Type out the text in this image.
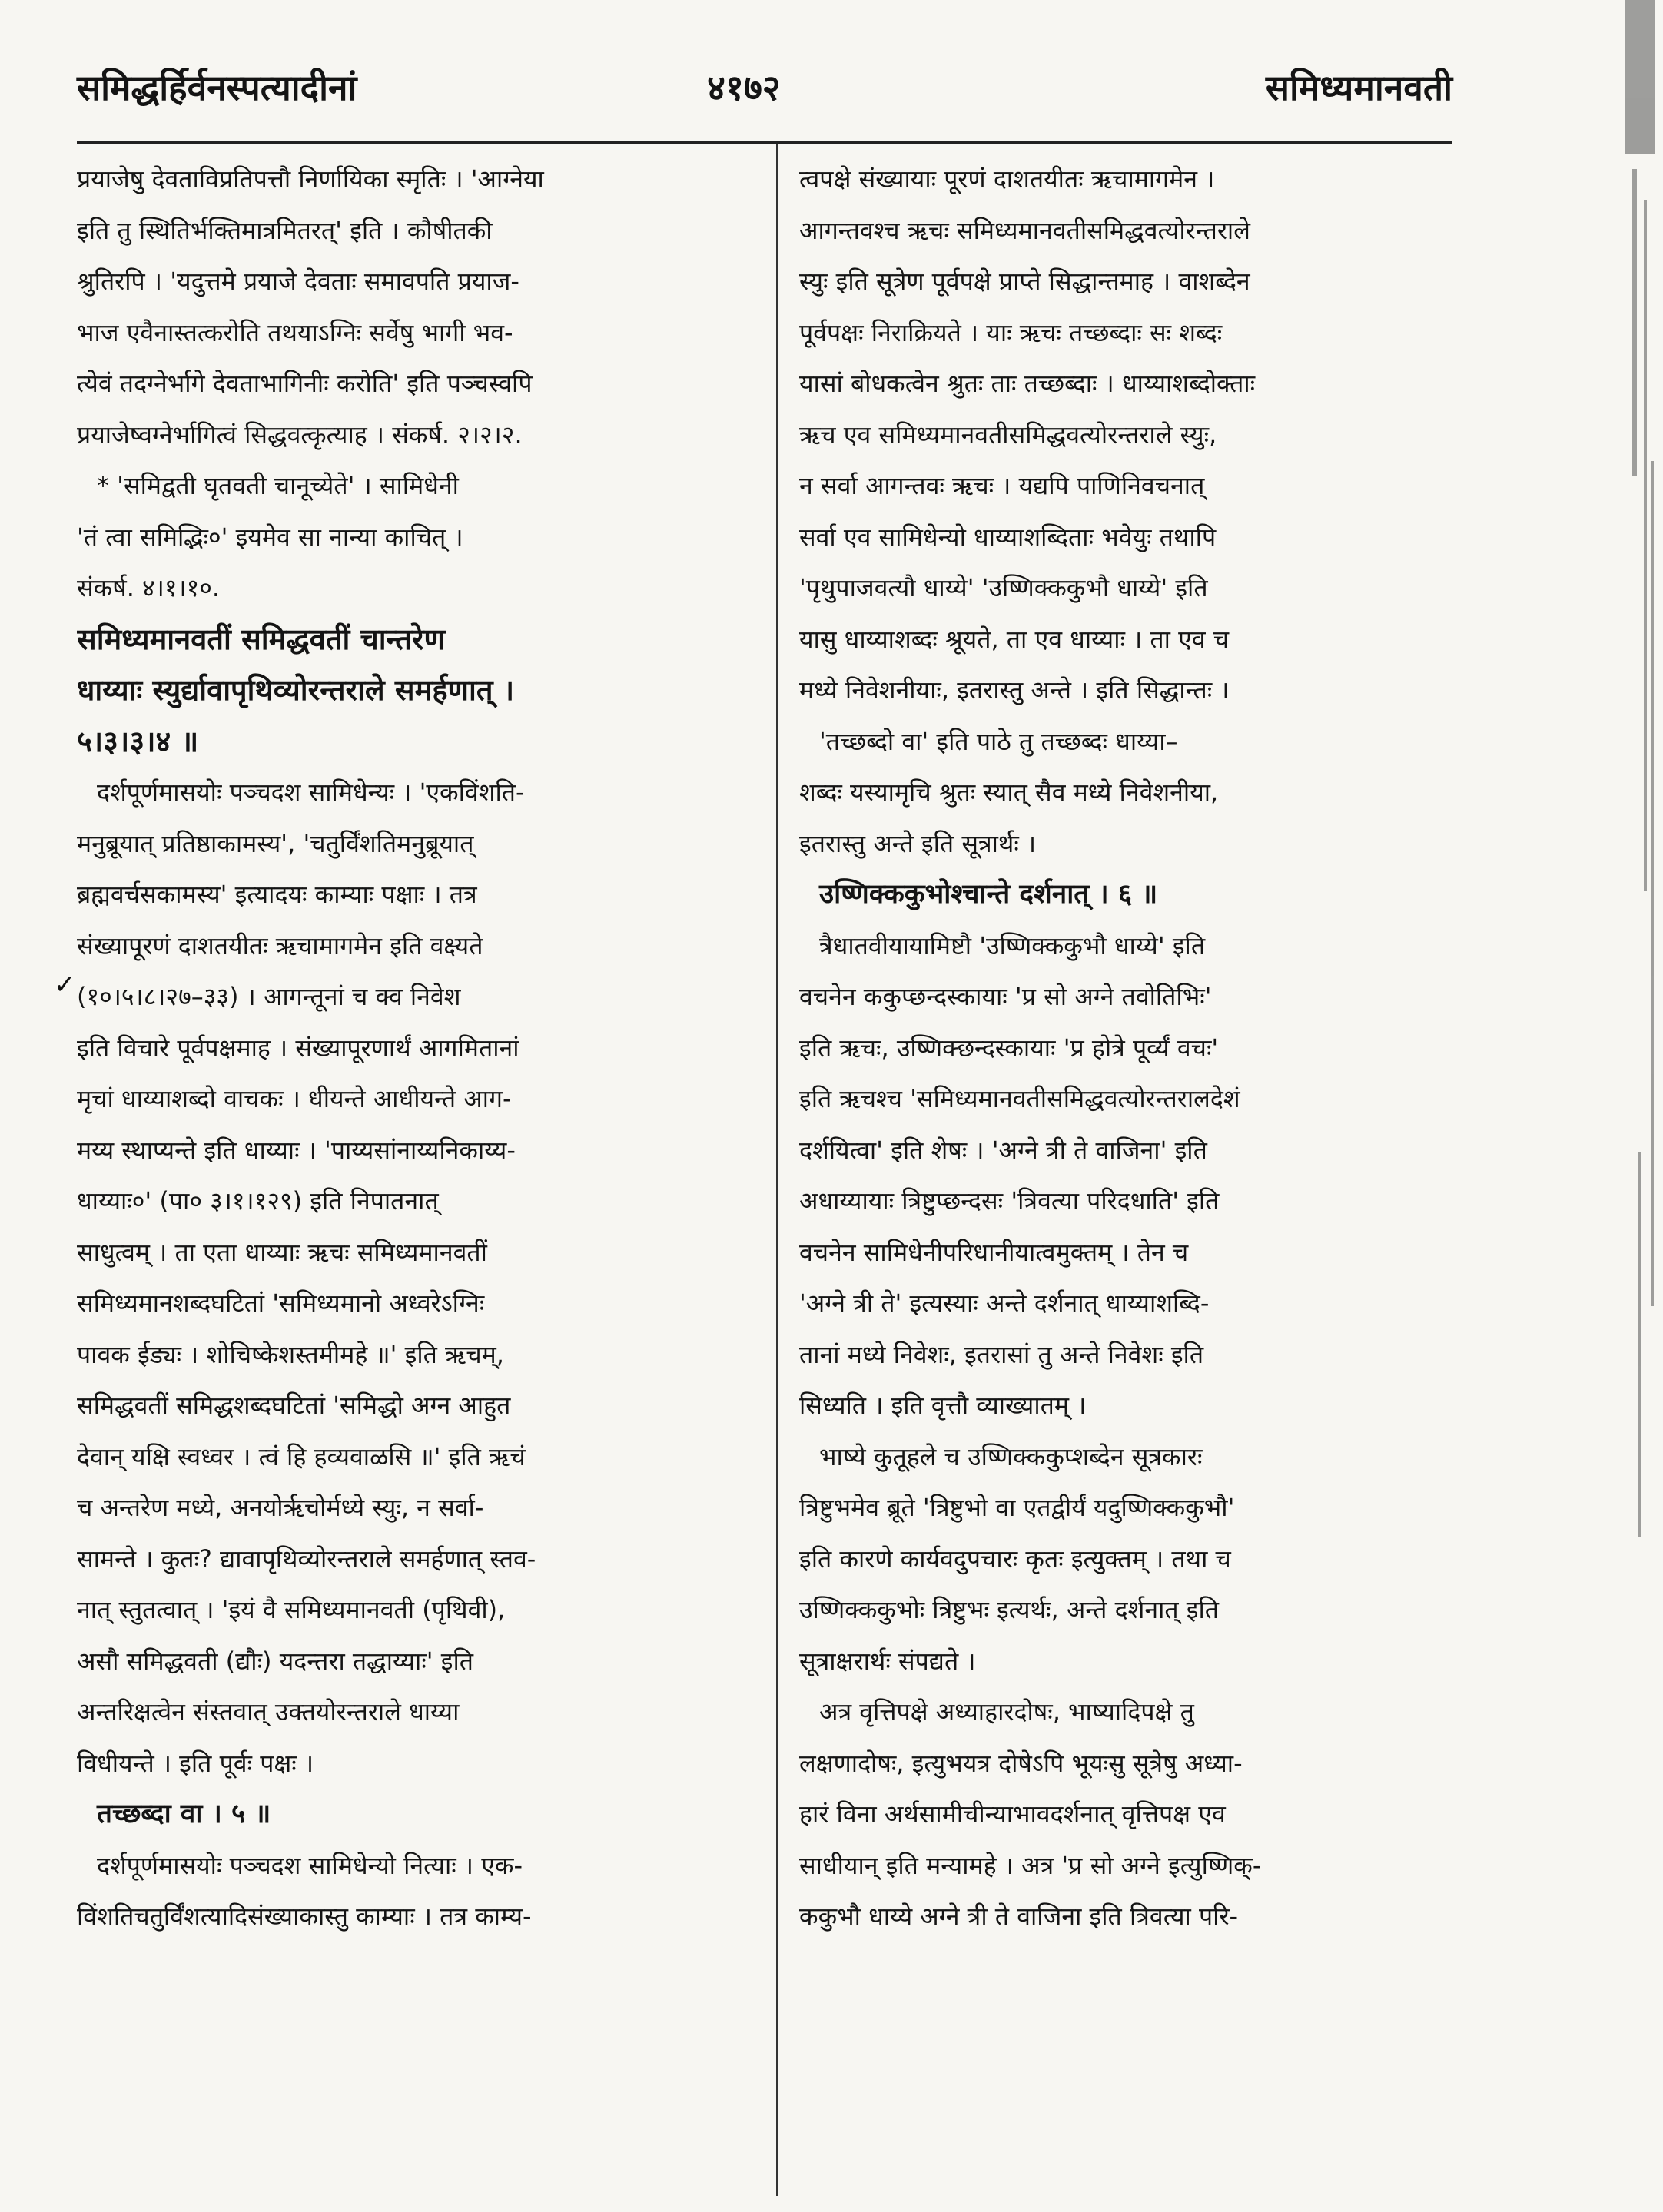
समिद्धर्हिर्वनस्पत्यादीनां	४१७२	समिध्यमानवती
✓
प्रयाजेषु देवताविप्रतिपत्तौ निर्णायिका स्मृतिः । 'आग्नेया
इति तु स्थितिर्भक्तिमात्रमितरत्' इति । कौषीतकी
श्रुतिरपि । 'यदुत्तमे प्रयाजे देवताः समावपति प्रयाज-
भाज एवैनास्तत्करोति तथयाऽग्निः सर्वेषु भागी भव-
त्येवं तदग्नेर्भागे देवताभागिनीः करोति' इति पञ्चस्वपि
प्रयाजेष्वग्नेर्भागित्वं सिद्धवत्कृत्याह । संकर्ष. २।२।२.
* 'समिद्वती घृतवती चानूच्येते' । सामिधेनी
'तं त्वा समिद्भिः०' इयमेव सा नान्या काचित् ।
संकर्ष. ४।१।१०.
समिध्यमानवतीं समिद्धवतीं चान्तरेण
धाय्याः स्युर्द्यावापृथिव्योरन्तराले समर्हणात् ।
५।३।३।४ ॥
दर्शपूर्णमासयोः पञ्चदश सामिधेन्यः । 'एकविंशति-
मनुब्रूयात् प्रतिष्ठाकामस्य', 'चतुर्विंशतिमनुब्रूयात्
ब्रह्मवर्चसकामस्य' इत्यादयः काम्याः पक्षाः । तत्र
संख्यापूरणं दाशतयीतः ऋचामागमेन इति वक्ष्यते
(१०।५।८।२७–३३) । आगन्तूनां च क्व निवेश
इति विचारे पूर्वपक्षमाह । संख्यापूरणार्थं आगमितानां
मृचां धाय्याशब्दो वाचकः । धीयन्ते आधीयन्ते आग-
मय्य स्थाप्यन्ते इति धाय्याः । 'पाय्यसांनाय्यनिकाय्य-
धाय्याः०' (पा० ३।१।१२९) इति निपातनात्
साधुत्वम् । ता एता धाय्याः ऋचः समिध्यमानवतीं
समिध्यमानशब्दघटितां 'समिध्यमानो अध्वरेऽग्निः
पावक ईड्यः । शोचिष्केशस्तमीमहे ॥' इति ऋचम्,
समिद्धवतीं समिद्धशब्दघटितां 'समिद्धो अग्न आहुत
देवान् यक्षि स्वध्वर । त्वं हि हव्यवाळसि ॥' इति ऋचं
च अन्तरेण मध्ये, अनयोर्ऋचोर्मध्ये स्युः, न सर्वा-
सामन्ते । कुतः? द्यावापृथिव्योरन्तराले समर्हणात् स्तव-
नात् स्तुतत्वात् । 'इयं वै समिध्यमानवती (पृथिवी),
असौ समिद्धवती (द्यौः) यदन्तरा तद्धाय्याः' इति
अन्तरिक्षत्वेन संस्तवात् उक्तयोरन्तराले धाय्या
विधीयन्ते । इति पूर्वः पक्षः ।
तच्छब्दा वा । ५ ॥
दर्शपूर्णमासयोः पञ्चदश सामिधेन्यो नित्याः । एक-
विंशतिचतुर्विंशत्यादिसंख्याकास्तु काम्याः । तत्र काम्य-
त्वपक्षे संख्यायाः पूरणं दाशतयीतः ऋचामागमेन ।
आगन्तवश्च ऋचः समिध्यमानवतीसमिद्धवत्योरन्तराले
स्युः इति सूत्रेण पूर्वपक्षे प्राप्ते सिद्धान्तमाह । वाशब्देन
पूर्वपक्षः निराक्रियते । याः ऋचः तच्छब्दाः सः शब्दः
यासां बोधकत्वेन श्रुतः ताः तच्छब्दाः । धाय्याशब्दोक्ताः
ऋच एव समिध्यमानवतीसमिद्धवत्योरन्तराले स्युः,
न सर्वा आगन्तवः ऋचः । यद्यपि पाणिनिवचनात्
सर्वा एव सामिधेन्यो धाय्याशब्दिताः भवेयुः तथापि
'पृथुपाजवत्यौ धाय्ये' 'उष्णिक्ककुभौ धाय्ये' इति
यासु धाय्याशब्दः श्रूयते, ता एव धाय्याः । ता एव च
मध्ये निवेशनीयाः, इतरास्तु अन्ते । इति सिद्धान्तः ।
'तच्छब्दो वा' इति पाठे तु तच्छब्दः धाय्या–
शब्दः यस्यामृचि श्रुतः स्यात् सैव मध्ये निवेशनीया,
इतरास्तु अन्ते इति सूत्रार्थः ।
उष्णिक्ककुभोश्चान्ते दर्शनात् । ६ ॥
त्रैधातवीयायामिष्टौ 'उष्णिक्ककुभौ धाय्ये' इति
वचनेन ककुप्छन्दस्कायाः 'प्र सो अग्ने तवोतिभिः'
इति ऋचः, उष्णिक्छन्दस्कायाः 'प्र होत्रे पूर्व्यं वचः'
इति ऋचश्च 'समिध्यमानवतीसमिद्धवत्योरन्तरालदेशं
दर्शयित्वा' इति शेषः । 'अग्ने त्री ते वाजिना' इति
अधाय्यायाः त्रिष्टुप्छन्दसः 'त्रिवत्या परिदधाति' इति
वचनेन सामिधेनीपरिधानीयात्वमुक्तम् । तेन च
'अग्ने त्री ते' इत्यस्याः अन्ते दर्शनात् धाय्याशब्दि-
तानां मध्ये निवेशः, इतरासां तु अन्ते निवेशः इति
सिध्यति । इति वृत्तौ व्याख्यातम् ।
भाष्ये कुतूहले च उष्णिक्ककुप्शब्देन सूत्रकारः
त्रिष्टुभमेव ब्रूते 'त्रिष्टुभो वा एतद्वीर्यं यदुष्णिक्ककुभौ'
इति कारणे कार्यवदुपचारः कृतः इत्युक्तम् । तथा च
उष्णिक्ककुभोः त्रिष्टुभः इत्यर्थः, अन्ते दर्शनात् इति
सूत्राक्षरार्थः संपद्यते ।
अत्र वृत्तिपक्षे अध्याहारदोषः, भाष्यादिपक्षे तु
लक्षणादोषः, इत्युभयत्र दोषेऽपि भूयःसु सूत्रेषु अध्या-
हारं विना अर्थसामीचीन्याभावदर्शनात् वृत्तिपक्ष एव
साधीयान् इति मन्यामहे । अत्र 'प्र सो अग्ने इत्युष्णिक्-
ककुभौ धाय्ये अग्ने त्री ते वाजिना इति त्रिवत्या परि-
